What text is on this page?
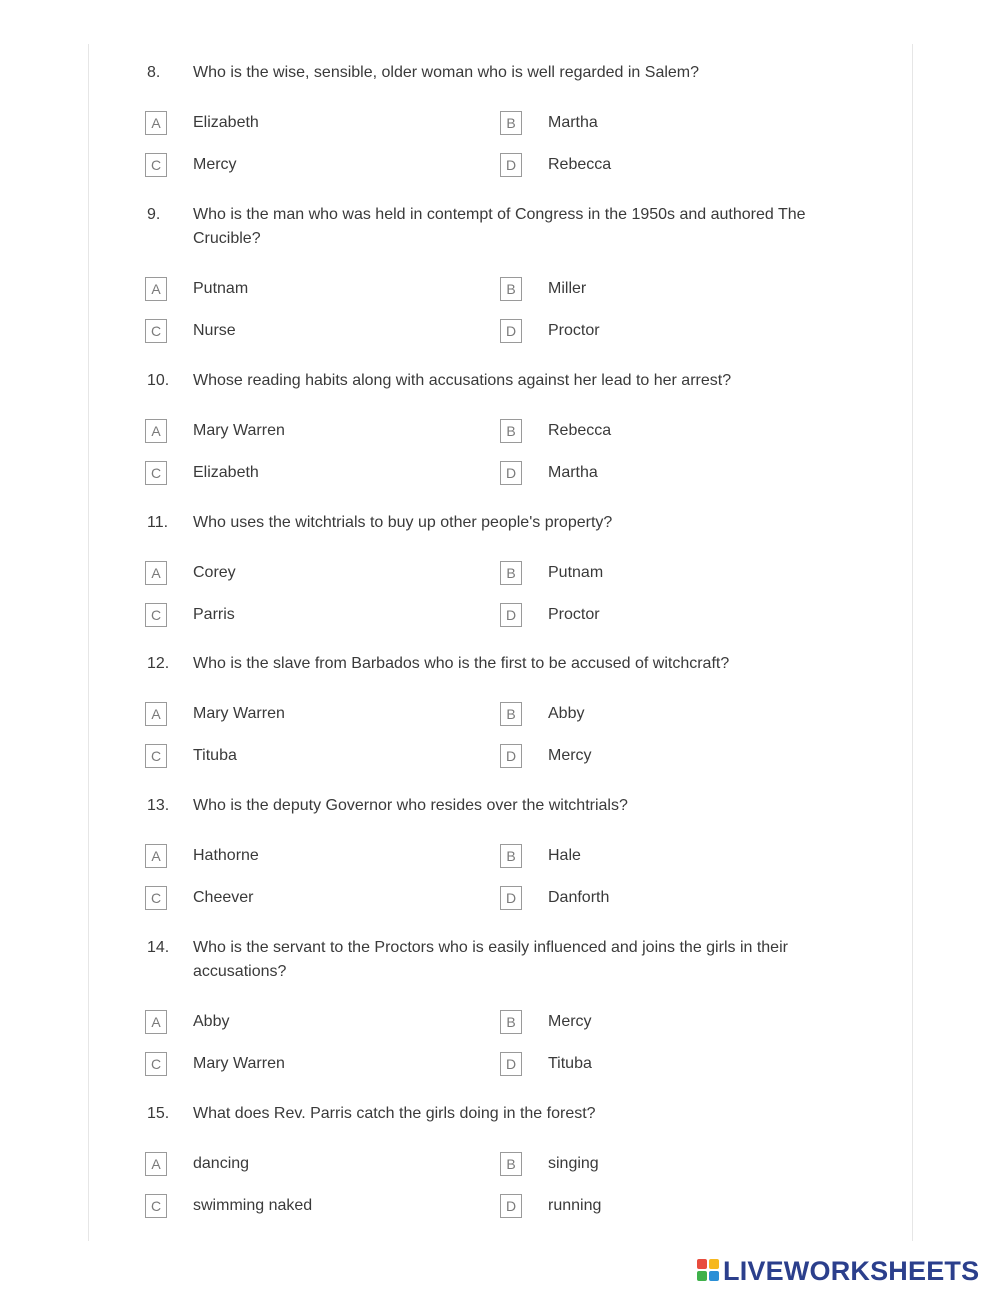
8. Who is the wise, sensible, older woman who is well regarded in Salem?
A	Elizabeth	B	Martha
C	Mercy	D	Rebecca
9. Who is the man who was held in contempt of Congress in the 1950s and authored The Crucible?
A	Putnam	B	Miller
C	Nurse	D	Proctor
10. Whose reading habits along with accusations against her lead to her arrest?
A	Mary Warren	B	Rebecca
C	Elizabeth	D	Martha
11. Who uses the witchtrials to buy up other people's property?
A	Corey	B	Putnam
C	Parris	D	Proctor
12. Who is the slave from Barbados who is the first to be accused of witchcraft?
A	Mary Warren	B	Abby
C	Tituba	D	Mercy
13. Who is the deputy Governor who resides over the witchtrials?
A	Hathorne	B	Hale
C	Cheever	D	Danforth
14. Who is the servant to the Proctors who is easily influenced and joins the girls in their accusations?
A	Abby	B	Mercy
C	Mary Warren	D	Tituba
15. What does Rev. Parris catch the girls doing in the forest?
A	dancing	B	singing
C	swimming naked	D	running
LIVEWORKSHEETS
